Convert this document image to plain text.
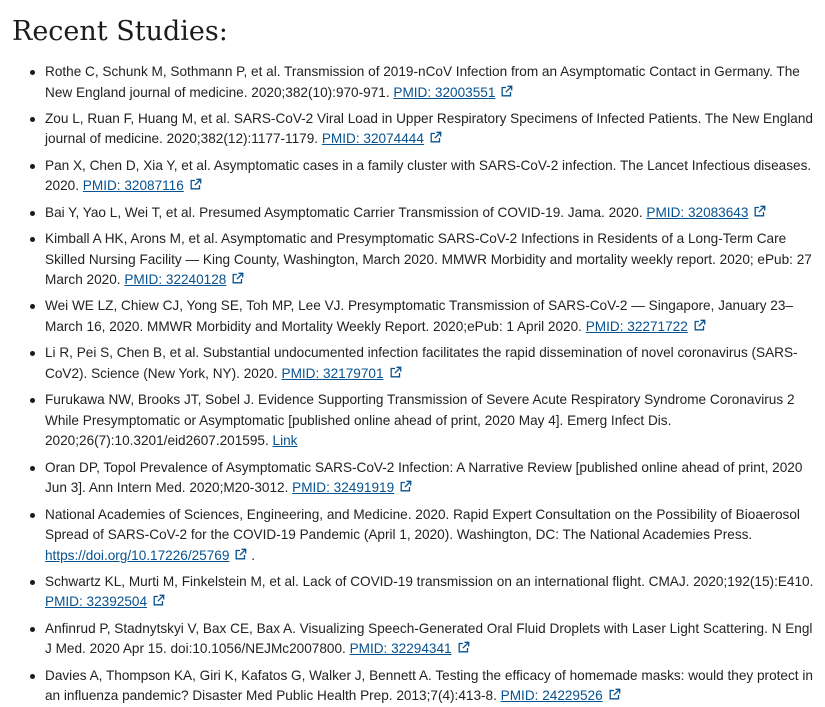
Recent Studies:
Rothe C, Schunk M, Sothmann P, et al. Transmission of 2019-nCoV Infection from an Asymptomatic Contact in Germany. The New England journal of medicine. 2020;382(10):970-971. PMID: 32003551
Zou L, Ruan F, Huang M, et al. SARS-CoV-2 Viral Load in Upper Respiratory Specimens of Infected Patients. The New England journal of medicine. 2020;382(12):1177-1179. PMID: 32074444
Pan X, Chen D, Xia Y, et al. Asymptomatic cases in a family cluster with SARS-CoV-2 infection. The Lancet Infectious diseases. 2020. PMID: 32087116
Bai Y, Yao L, Wei T, et al. Presumed Asymptomatic Carrier Transmission of COVID-19. Jama. 2020. PMID: 32083643
Kimball A HK, Arons M, et al. Asymptomatic and Presymptomatic SARS-CoV-2 Infections in Residents of a Long-Term Care Skilled Nursing Facility — King County, Washington, March 2020. MMWR Morbidity and mortality weekly report. 2020; ePub: 27 March 2020. PMID: 32240128
Wei WE LZ, Chiew CJ, Yong SE, Toh MP, Lee VJ. Presymptomatic Transmission of SARS-CoV-2 — Singapore, January 23–March 16, 2020. MMWR Morbidity and Mortality Weekly Report. 2020;ePub: 1 April 2020. PMID: 32271722
Li R, Pei S, Chen B, et al. Substantial undocumented infection facilitates the rapid dissemination of novel coronavirus (SARS-CoV2). Science (New York, NY). 2020. PMID: 32179701
Furukawa NW, Brooks JT, Sobel J. Evidence Supporting Transmission of Severe Acute Respiratory Syndrome Coronavirus 2 While Presymptomatic or Asymptomatic [published online ahead of print, 2020 May 4]. Emerg Infect Dis. 2020;26(7):10.3201/eid2607.201595. Link
Oran DP, Topol Prevalence of Asymptomatic SARS-CoV-2 Infection: A Narrative Review [published online ahead of print, 2020 Jun 3]. Ann Intern Med. 2020;M20-3012. PMID: 32491919
National Academies of Sciences, Engineering, and Medicine. 2020. Rapid Expert Consultation on the Possibility of Bioaerosol Spread of SARS-CoV-2 for the COVID-19 Pandemic (April 1, 2020). Washington, DC: The National Academies Press. https://doi.org/10.17226/25769
.
Schwartz KL, Murti M, Finkelstein M, et al. Lack of COVID-19 transmission on an international flight. CMAJ. 2020;192(15):E410. PMID: 32392504
Anfinrud P, Stadnytskyi V, Bax CE, Bax A. Visualizing Speech-Generated Oral Fluid Droplets with Laser Light Scattering. N Engl J Med. 2020 Apr 15. doi:10.1056/NEJMc2007800. PMID: 32294341
Davies A, Thompson KA, Giri K, Kafatos G, Walker J, Bennett A. Testing the efficacy of homemade masks: would they protect in an influenza pandemic? Disaster Med Public Health Prep. 2013;7(4):413-8. PMID: 24229526
